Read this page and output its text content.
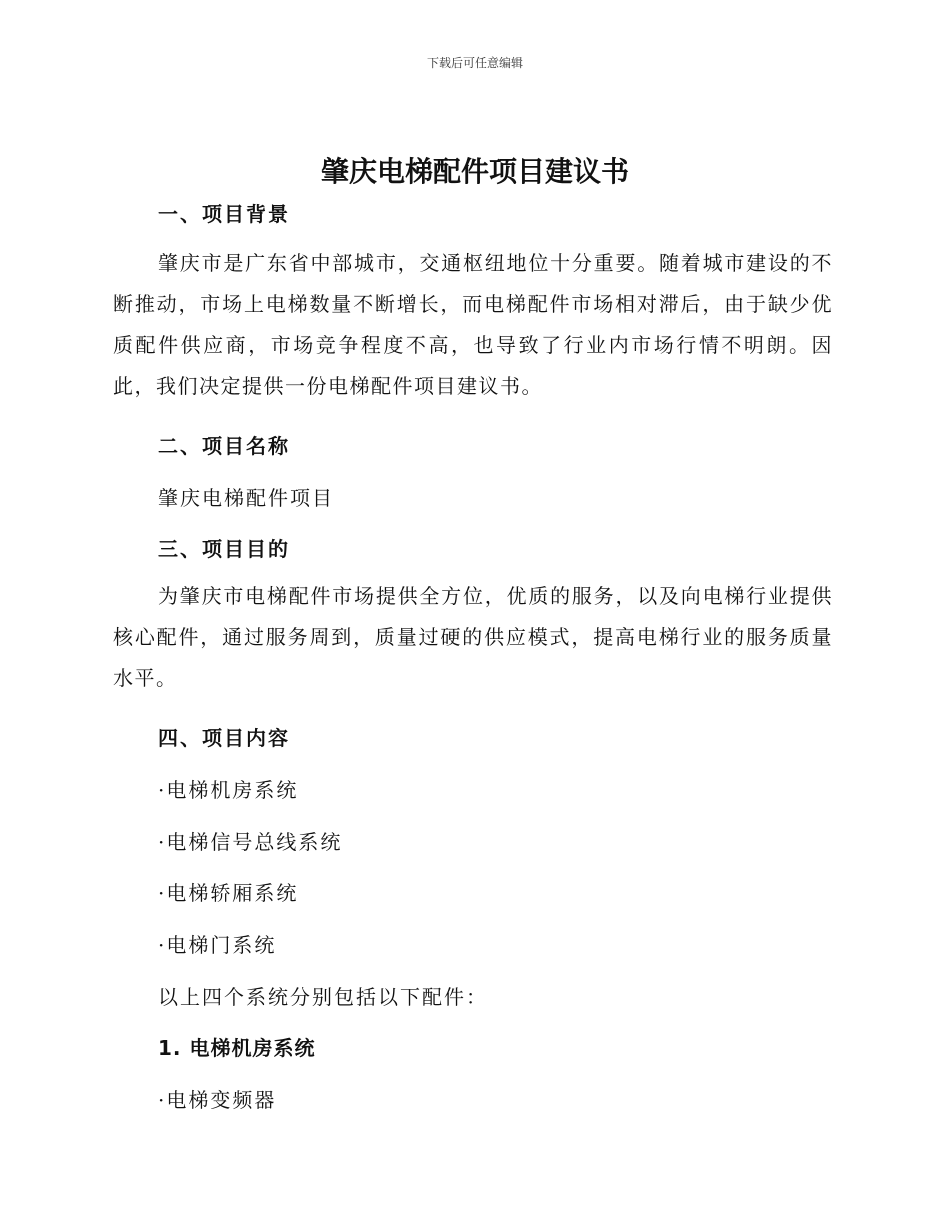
下载后可任意编辑
肇庆电梯配件项目建议书
一、项目背景
肇庆市是广东省中部城市，交通枢纽地位十分重要。随着城市建设的不断推动，市场上电梯数量不断增长，而电梯配件市场相对滞后，由于缺少优质配件供应商，市场竞争程度不高，也导致了行业内市场行情不明朗。因此，我们决定提供一份电梯配件项目建议书。
二、项目名称
肇庆电梯配件项目
三、项目目的
为肇庆市电梯配件市场提供全方位，优质的服务，以及向电梯行业提供核心配件，通过服务周到，质量过硬的供应模式，提高电梯行业的服务质量水平。
四、项目内容
·电梯机房系统
·电梯信号总线系统
·电梯轿厢系统
·电梯门系统
以上四个系统分别包括以下配件：
1. 电梯机房系统
·电梯变频器
